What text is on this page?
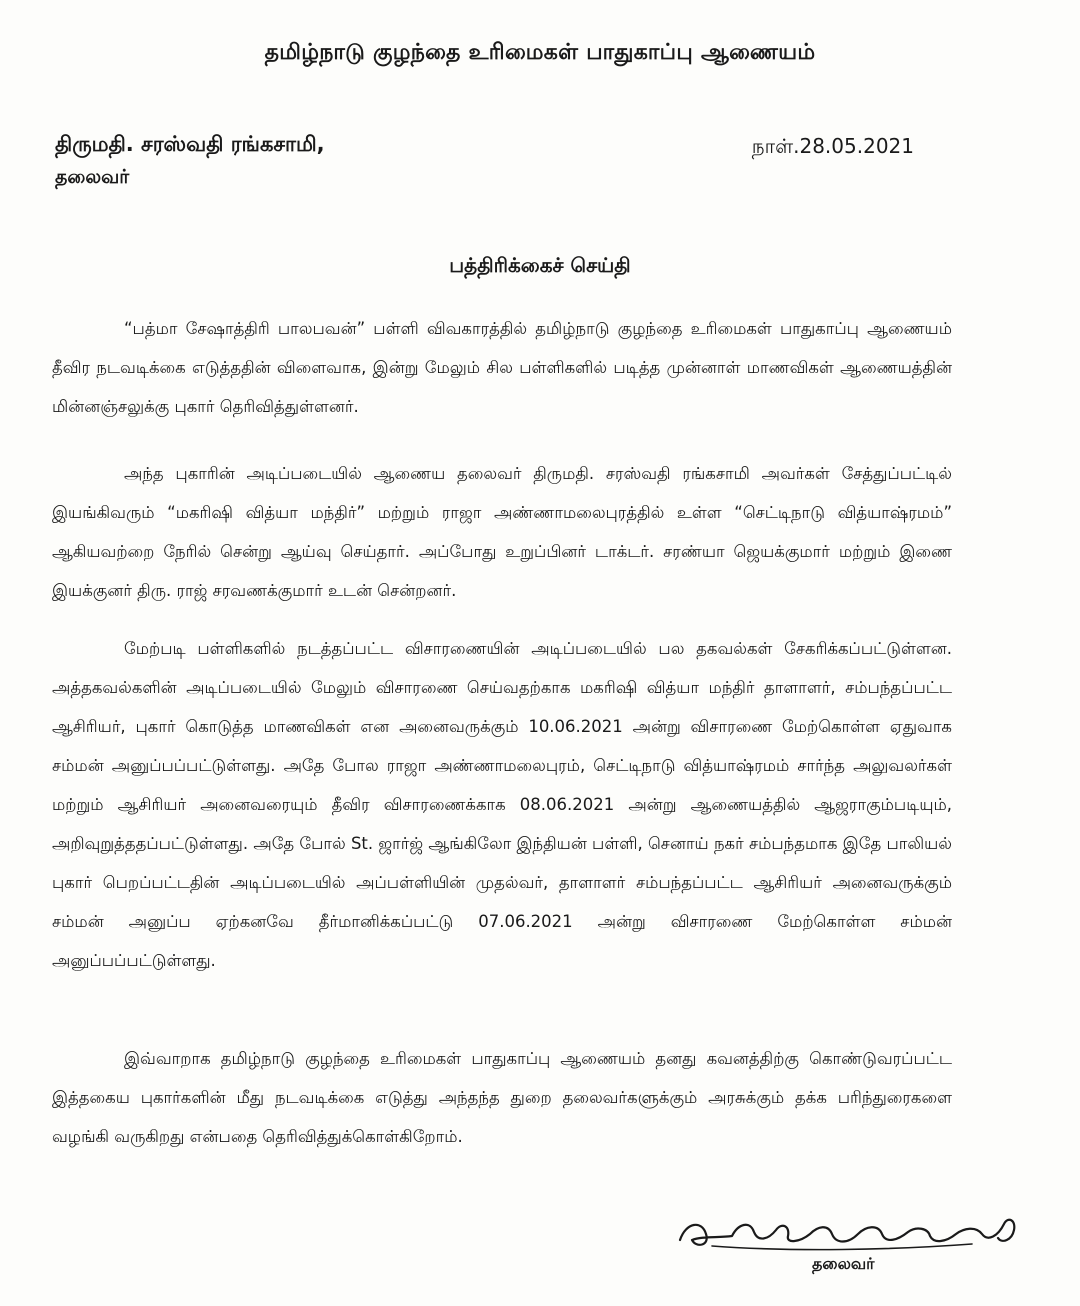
தமிழ்நாடு குழந்தை உரிமைகள் பாதுகாப்பு ஆணையம்
திருமதி. சரஸ்வதி ரங்கசாமி,
தலைவர்
நாள்.28.05.2021
பத்திரிக்கைச் செய்தி

“பத்மா சேஷாத்திரி பாலபவன்” பள்ளி விவகாரத்தில் தமிழ்நாடு குழந்தை உரிமைகள் பாதுகாப்பு ஆணையம் தீவிர நடவடிக்கை எடுத்ததின் விளைவாக, இன்று மேலும் சில பள்ளிகளில் படித்த முன்னாள் மாணவிகள் ஆணையத்தின் மின்னஞ்சலுக்கு புகார் தெரிவித்துள்ளனர்.

அந்த புகாரின் அடிப்படையில் ஆணைய தலைவர் திருமதி. சரஸ்வதி ரங்கசாமி அவர்கள் சேத்துப்பட்டில் இயங்கிவரும் “மகரிஷி வித்யா மந்திர்” மற்றும் ராஜா அண்ணாமலைபுரத்தில் உள்ள “செட்டிநாடு வித்யாஷ்ரமம்” ஆகியவற்றை நேரில் சென்று ஆய்வு செய்தார். அப்போது உறுப்பினர் டாக்டர். சரண்யா ஜெயக்குமார் மற்றும் இணை இயக்குனர் திரு. ராஜ் சரவணக்குமார் உடன் சென்றனர்.

மேற்படி பள்ளிகளில் நடத்தப்பட்ட விசாரணையின் அடிப்படையில் பல தகவல்கள் சேகரிக்கப்பட்டுள்ளன. அத்தகவல்களின் அடிப்படையில் மேலும் விசாரணை செய்வதற்காக மகரிஷி வித்யா மந்திர் தாளாளர், சம்பந்தப்பட்ட ஆசிரியர், புகார் கொடுத்த மாணவிகள் என அனைவருக்கும் 10.06.2021 அன்று விசாரணை மேற்கொள்ள ஏதுவாக சம்மன் அனுப்பப்பட்டுள்ளது. அதே போல ராஜா அண்ணாமலைபுரம், செட்டிநாடு வித்யாஷ்ரமம் சார்ந்த அலுவலர்கள் மற்றும் ஆசிரியர் அனைவரையும் தீவிர விசாரணைக்காக 08.06.2021 அன்று ஆணையத்தில் ஆஜராகும்படியும், அறிவுறுத்ததப்பட்டுள்ளது. அதே போல் St. ஜார்ஜ் ஆங்கிலோ இந்தியன் பள்ளி, செனாய் நகர் சம்பந்தமாக இதே பாலியல் புகார் பெறப்பட்டதின் அடிப்படையில் அப்பள்ளியின் முதல்வர், தாளாளர் சம்பந்தப்பட்ட ஆசிரியர் அனைவருக்கும் சம்மன் அனுப்ப ஏற்கனவே தீர்மானிக்கப்பட்டு 07.06.2021 அன்று விசாரணை மேற்கொள்ள சம்மன் அனுப்பப்பட்டுள்ளது.

இவ்வாறாக தமிழ்நாடு குழந்தை உரிமைகள் பாதுகாப்பு ஆணையம் தனது கவனத்திற்கு கொண்டுவரப்பட்ட இத்தகைய புகார்களின் மீது நடவடிக்கை எடுத்து அந்தந்த துறை தலைவர்களுக்கும் அரசுக்கும் தக்க பரிந்துரைகளை வழங்கி வருகிறது என்பதை தெரிவித்துக்கொள்கிறோம்.

தலைவர்
